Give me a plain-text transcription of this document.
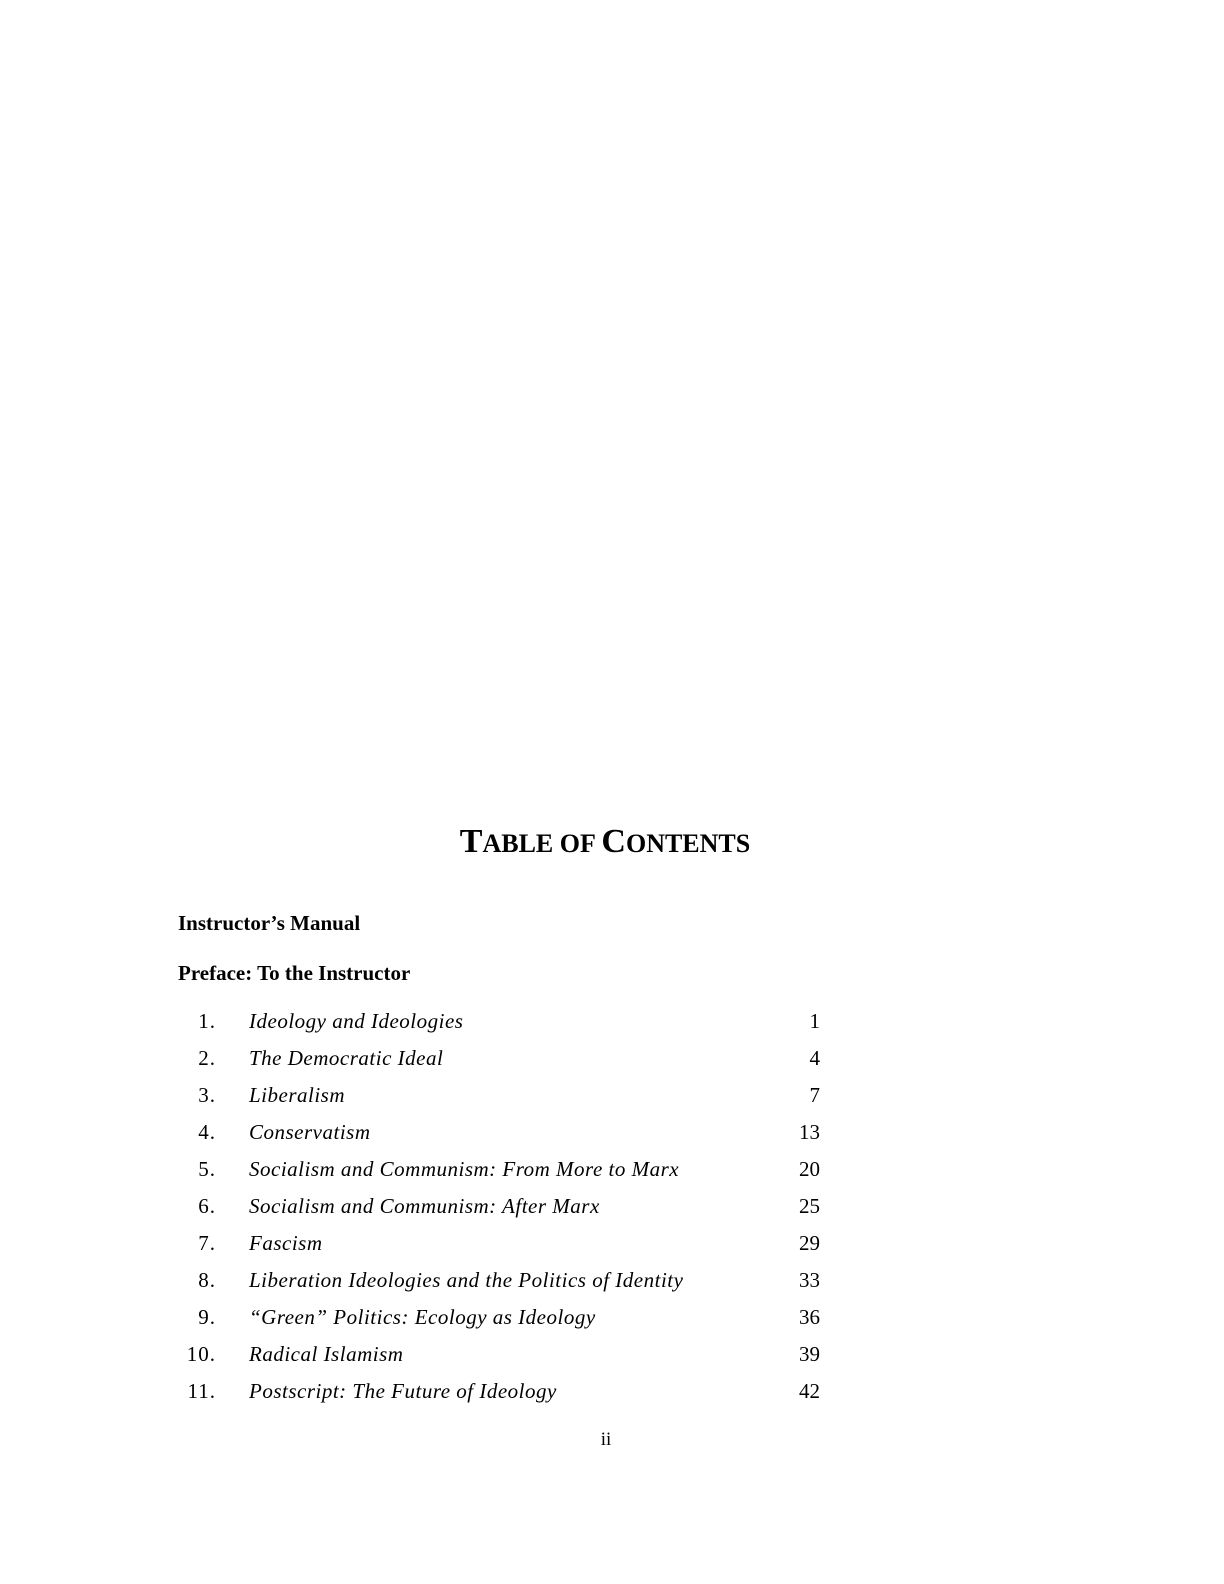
TABLE OF CONTENTS
Instructor’s Manual
Preface: To the Instructor
1. Ideology and Ideologies	1
2. The Democratic Ideal	4
3. Liberalism	7
4. Conservatism	13
5. Socialism and Communism: From More to Marx	20
6. Socialism and Communism: After Marx	25
7. Fascism	29
8. Liberation Ideologies and the Politics of Identity	33
9. “Green” Politics: Ecology as Ideology	36
10. Radical Islamism	39
11. Postscript: The Future of Ideology	42
ii
